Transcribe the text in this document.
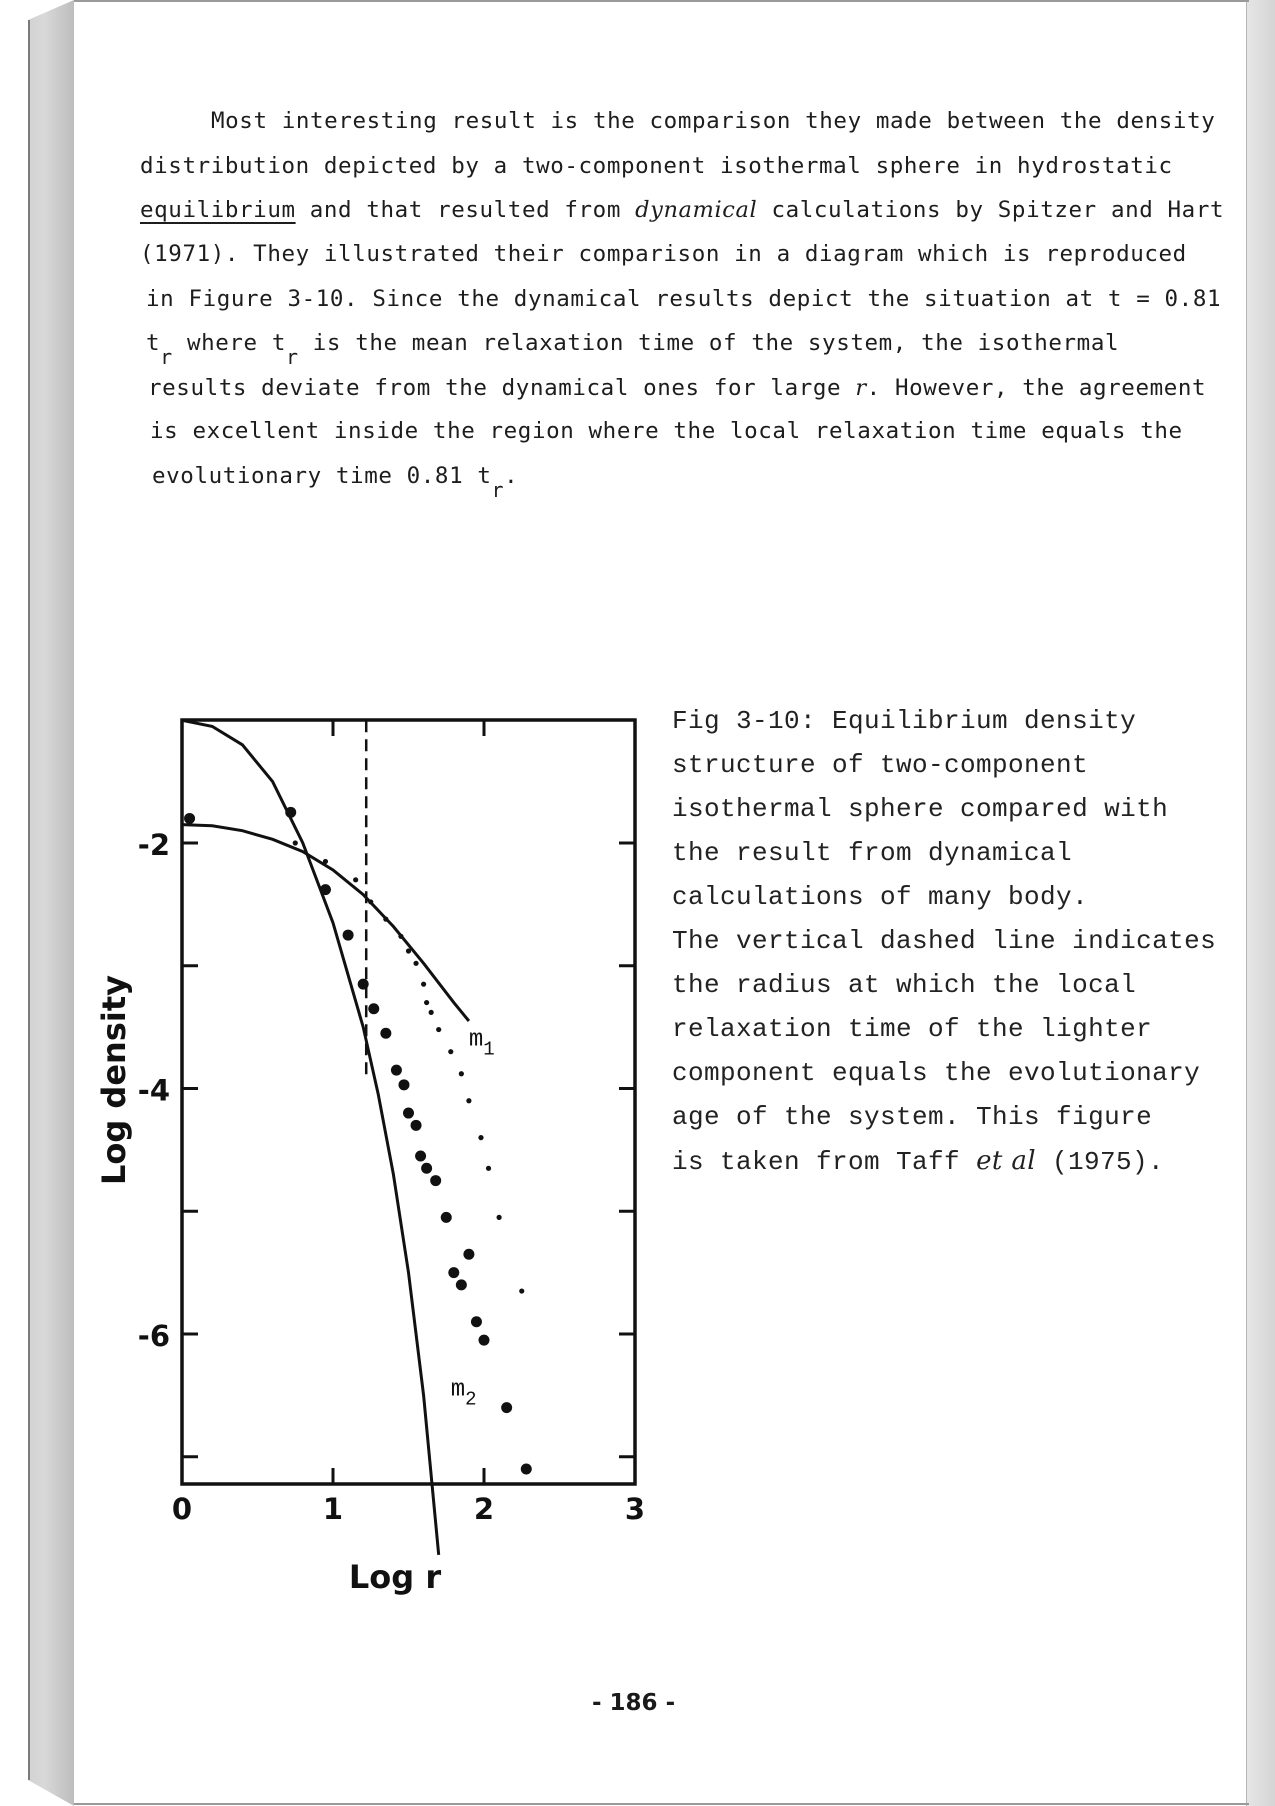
Most interesting result is the comparison they made between the density
distribution depicted by a two-component isothermal sphere in hydrostatic
equilibrium and that resulted from dynamical calculations by Spitzer and Hart
(1971). They illustrated their comparison in a diagram which is reproduced
in Figure 3-10. Since the dynamical results depict the situation at t = 0.81
tr where tr is the mean relaxation time of the system, the isothermal
results deviate from the dynamical ones for large r. However, the agreement
is excellent inside the region where the local relaxation time equals the
evolutionary time 0.81 tr.
0	1	2	3
-2
-4
-6
Log r
Log density	$m_1$
$m_2$
Fig 3-10: Equilibrium density
structure of two-component
isothermal sphere compared with
the result from dynamical
calculations of many body.
The vertical dashed line indicates
the radius at which the local
relaxation time of the lighter
component equals the evolutionary
age of the system. This figure
is taken from Taff et al (1975).
- 186 -
